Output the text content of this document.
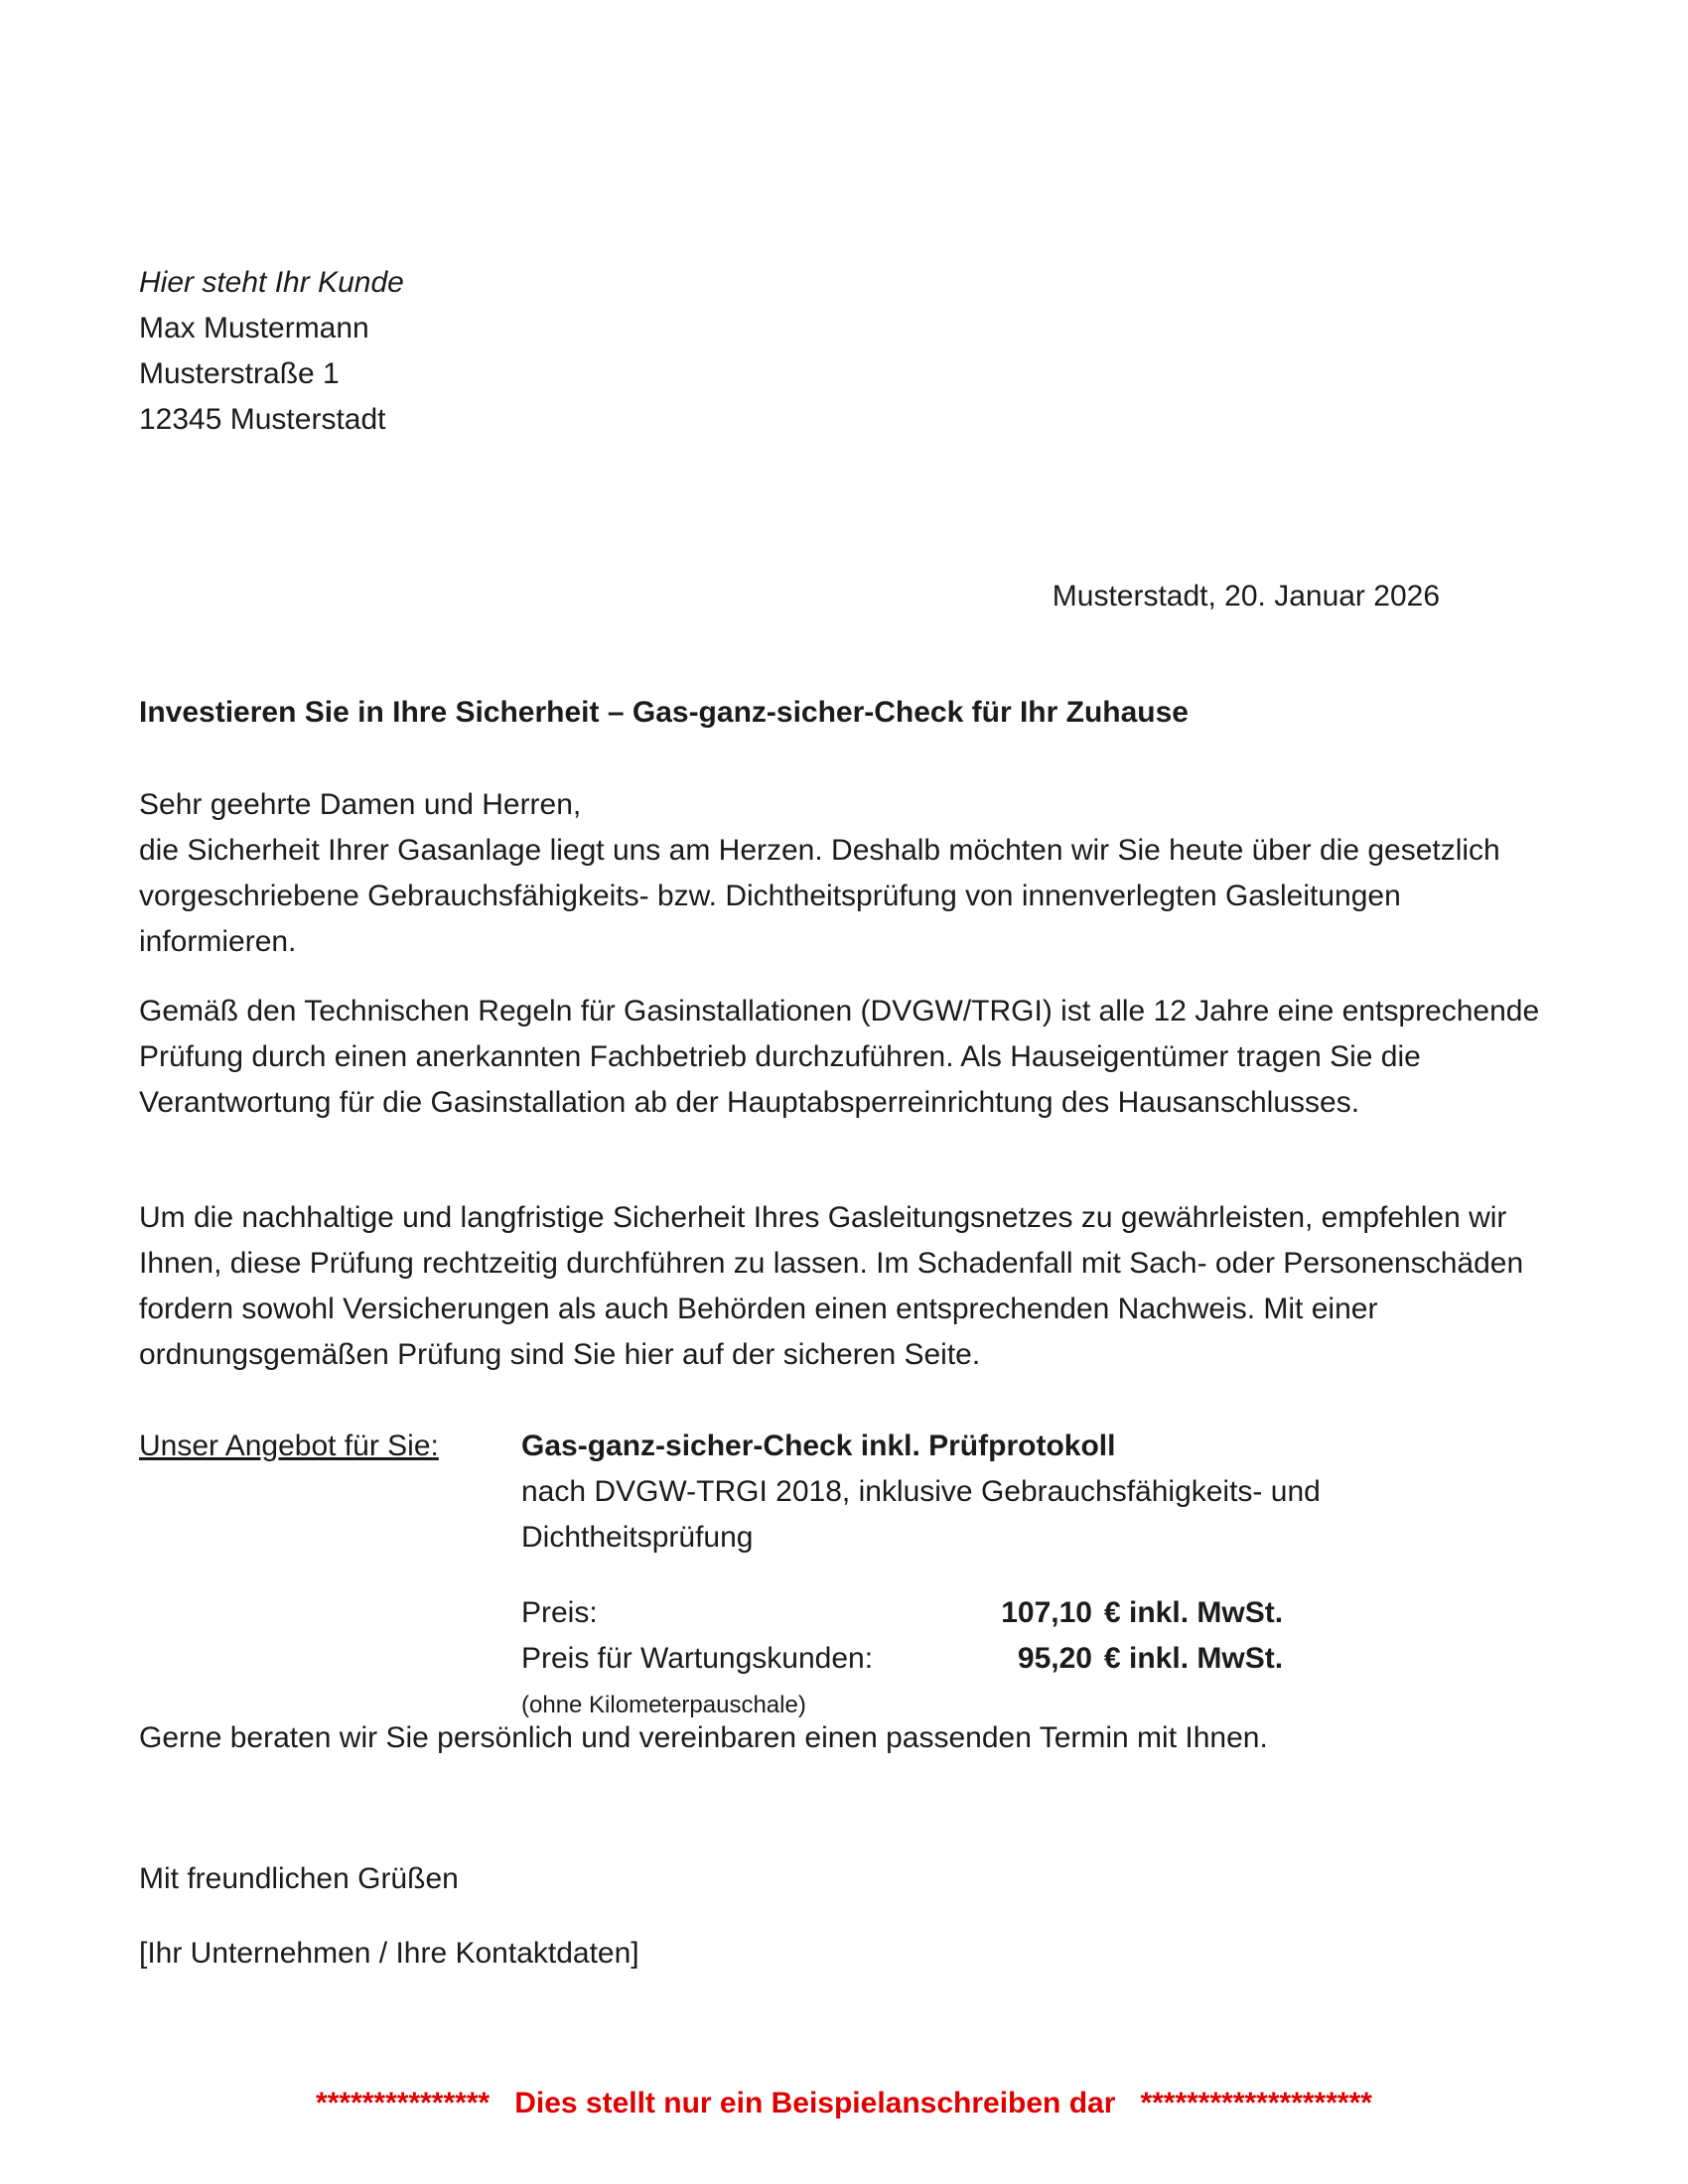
Hier steht Ihr Kunde
Max Mustermann
Musterstraße 1
12345 Musterstadt
Musterstadt, 20. Januar 2026
Investieren Sie in Ihre Sicherheit – Gas-ganz-sicher-Check für Ihr Zuhause
Sehr geehrte Damen und Herren,
die Sicherheit Ihrer Gasanlage liegt uns am Herzen. Deshalb möchten wir Sie heute über die gesetzlich vorgeschriebene Gebrauchsfähigkeits- bzw. Dichtheitsprüfung von innenverlegten Gasleitungen informieren.
Gemäß den Technischen Regeln für Gasinstallationen (DVGW/TRGI) ist alle 12 Jahre eine entsprechende Prüfung durch einen anerkannten Fachbetrieb durchzuführen. Als Hauseigentümer tragen Sie die Verantwortung für die Gasinstallation ab der Hauptabsperreinrichtung des Hausanschlusses.
Um die nachhaltige und langfristige Sicherheit Ihres Gasleitungsnetzes zu gewährleisten, empfehlen wir Ihnen, diese Prüfung rechtzeitig durchführen zu lassen. Im Schadenfall mit Sach- oder Personenschäden fordern sowohl Versicherungen als auch Behörden einen entsprechenden Nachweis. Mit einer ordnungsgemäßen Prüfung sind Sie hier auf der sicheren Seite.
Unser Angebot für Sie:	Gas-ganz-sicher-Check inkl. Prüfprotokoll
nach DVGW-TRGI 2018, inklusive Gebrauchsfähigkeits- und Dichtheitsprüfung
Preis:	107,10 € inkl. MwSt.
Preis für Wartungskunden:	95,20 € inkl. MwSt.
(ohne Kilometerpauschale)
Gerne beraten wir Sie persönlich und vereinbaren einen passenden Termin mit Ihnen.
Mit freundlichen Grüßen
[Ihr Unternehmen / Ihre Kontaktdaten]
*************** Dies stellt nur ein Beispielanschreiben dar ********************
